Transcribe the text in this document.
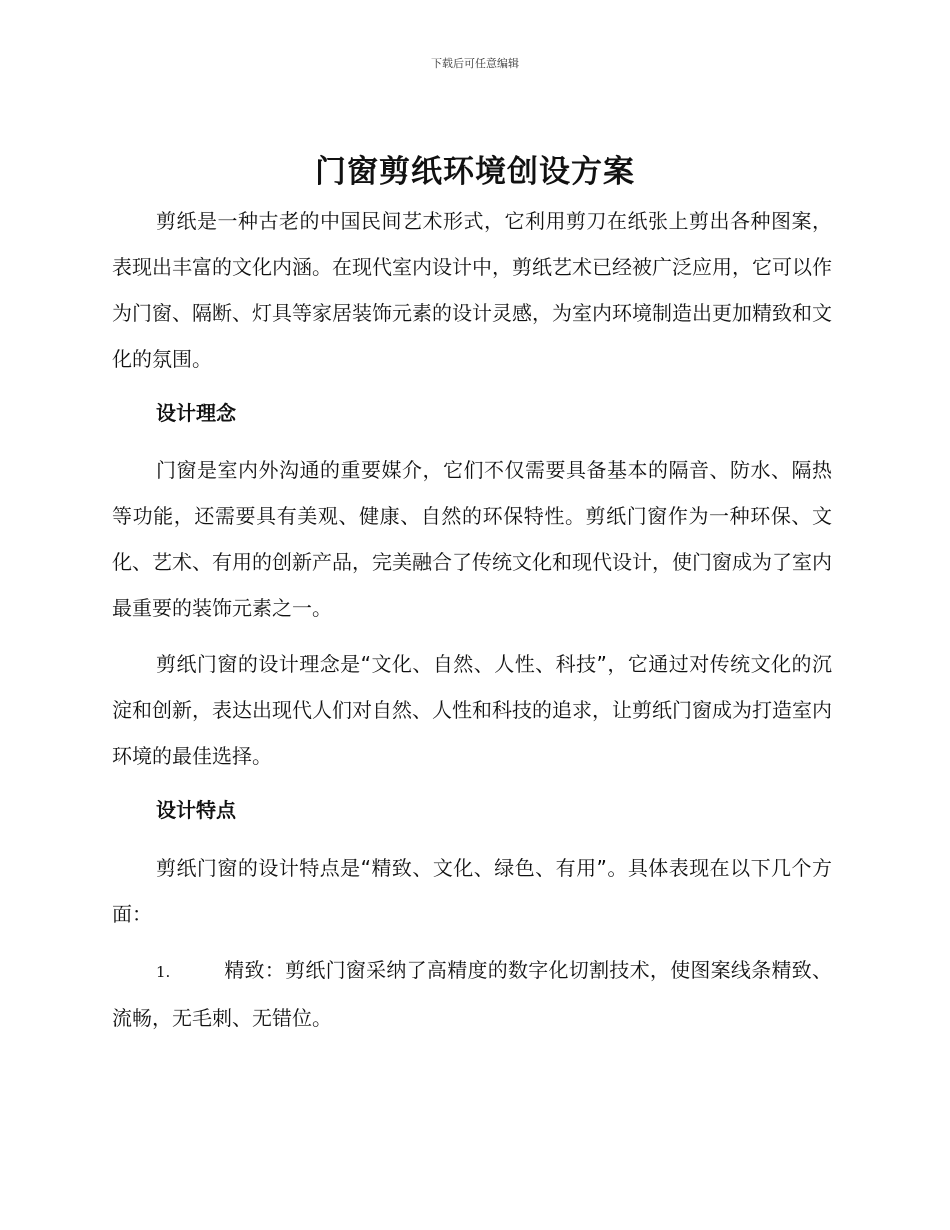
下载后可任意编辑
门窗剪纸环境创设方案

剪纸是一种古老的中国民间艺术形式，它利用剪刀在纸张上剪出各种图案，表现出丰富的文化内涵。在现代室内设计中，剪纸艺术已经被广泛应用，它可以作为门窗、隔断、灯具等家居装饰元素的设计灵感，为室内环境制造出更加精致和文化的氛围。

设计理念

门窗是室内外沟通的重要媒介，它们不仅需要具备基本的隔音、防水、隔热等功能，还需要具有美观、健康、自然的环保特性。剪纸门窗作为一种环保、文化、艺术、有用的创新产品，完美融合了传统文化和现代设计，使门窗成为了室内最重要的装饰元素之一。

剪纸门窗的设计理念是“文化、自然、人性、科技”，它通过对传统文化的沉淀和创新，表达出现代人们对自然、人性和科技的追求，让剪纸门窗成为打造室内环境的最佳选择。

设计特点

剪纸门窗的设计特点是“精致、文化、绿色、有用”。具体表现在以下几个方面：

1.	精致：剪纸门窗采纳了高精度的数字化切割技术，使图案线条精致、流畅，无毛刺、无错位。
